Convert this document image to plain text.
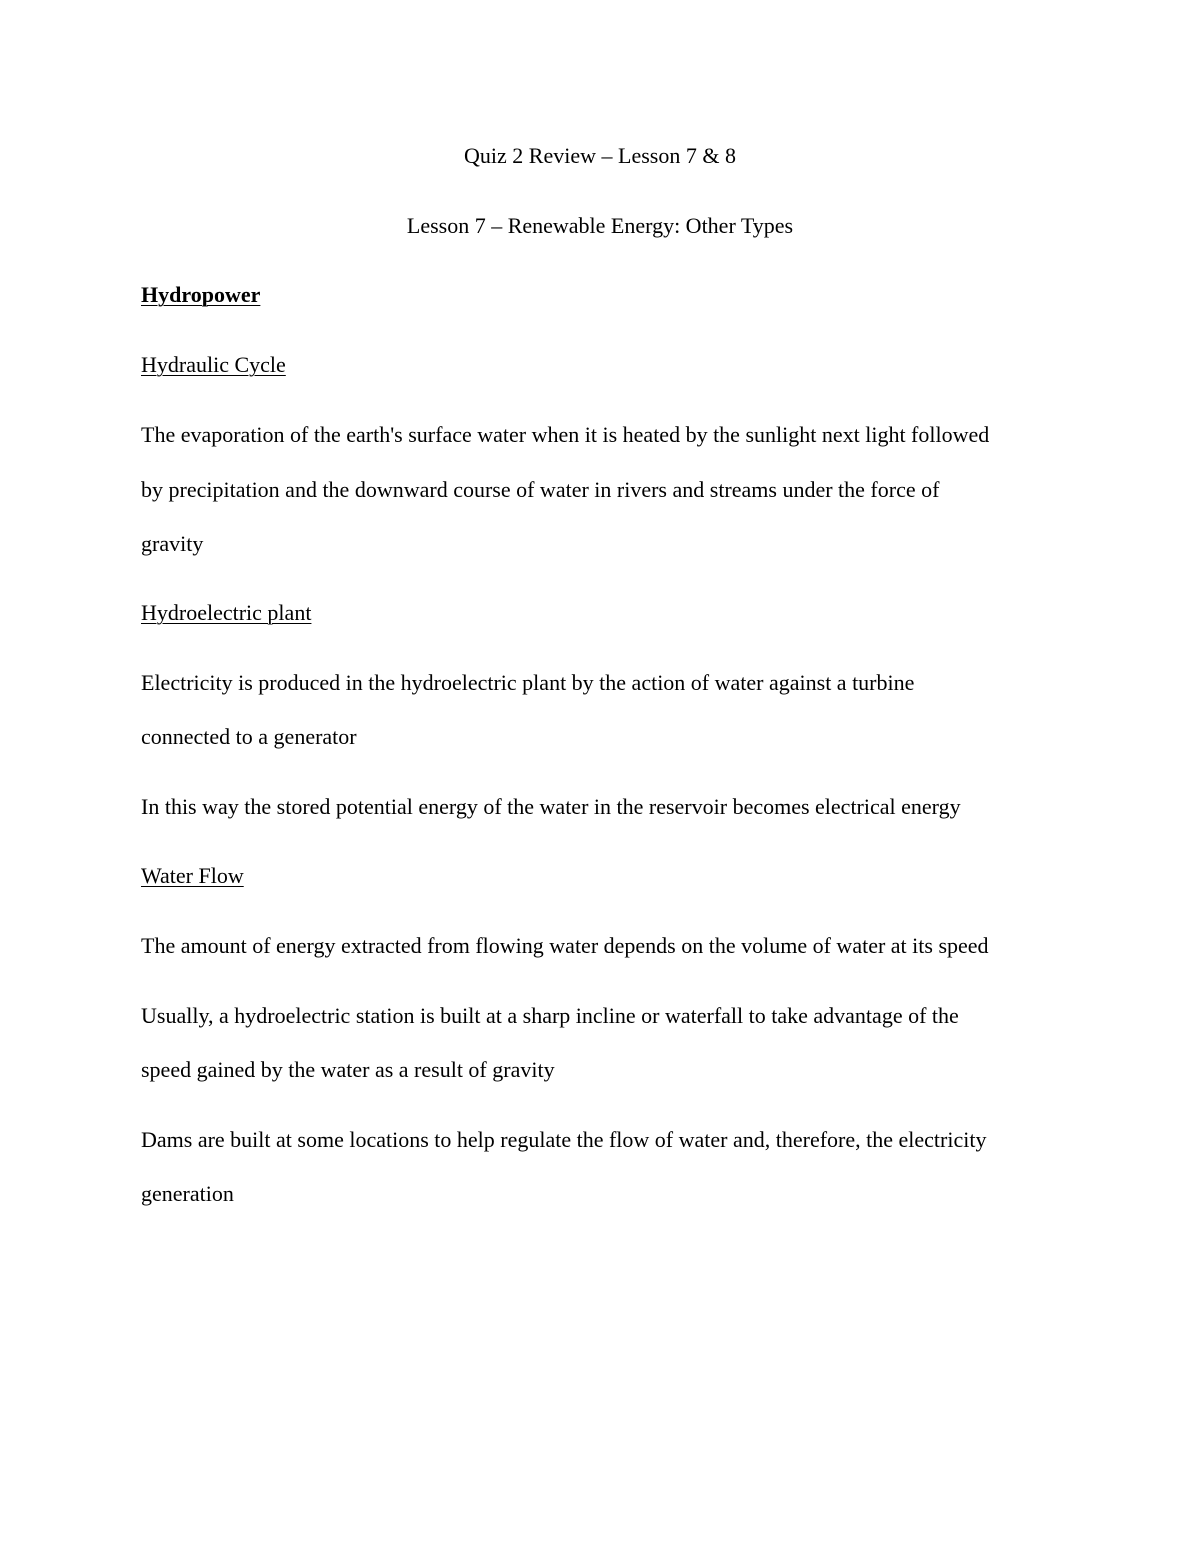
Quiz 2 Review – Lesson 7 & 8

Lesson 7 – Renewable Energy: Other Types

Hydropower

Hydraulic Cycle

The evaporation of the earth's surface water when it is heated by the sunlight next light followed

by precipitation and the downward course of water in rivers and streams under the force of

gravity

Hydroelectric plant

Electricity is produced in the hydroelectric plant by the action of water against a turbine

connected to a generator

In this way the stored potential energy of the water in the reservoir becomes electrical energy

Water Flow

The amount of energy extracted from flowing water depends on the volume of water at its speed

Usually, a hydroelectric station is built at a sharp incline or waterfall to take advantage of the

speed gained by the water as a result of gravity

Dams are built at some locations to help regulate the flow of water and, therefore, the electricity

generation
